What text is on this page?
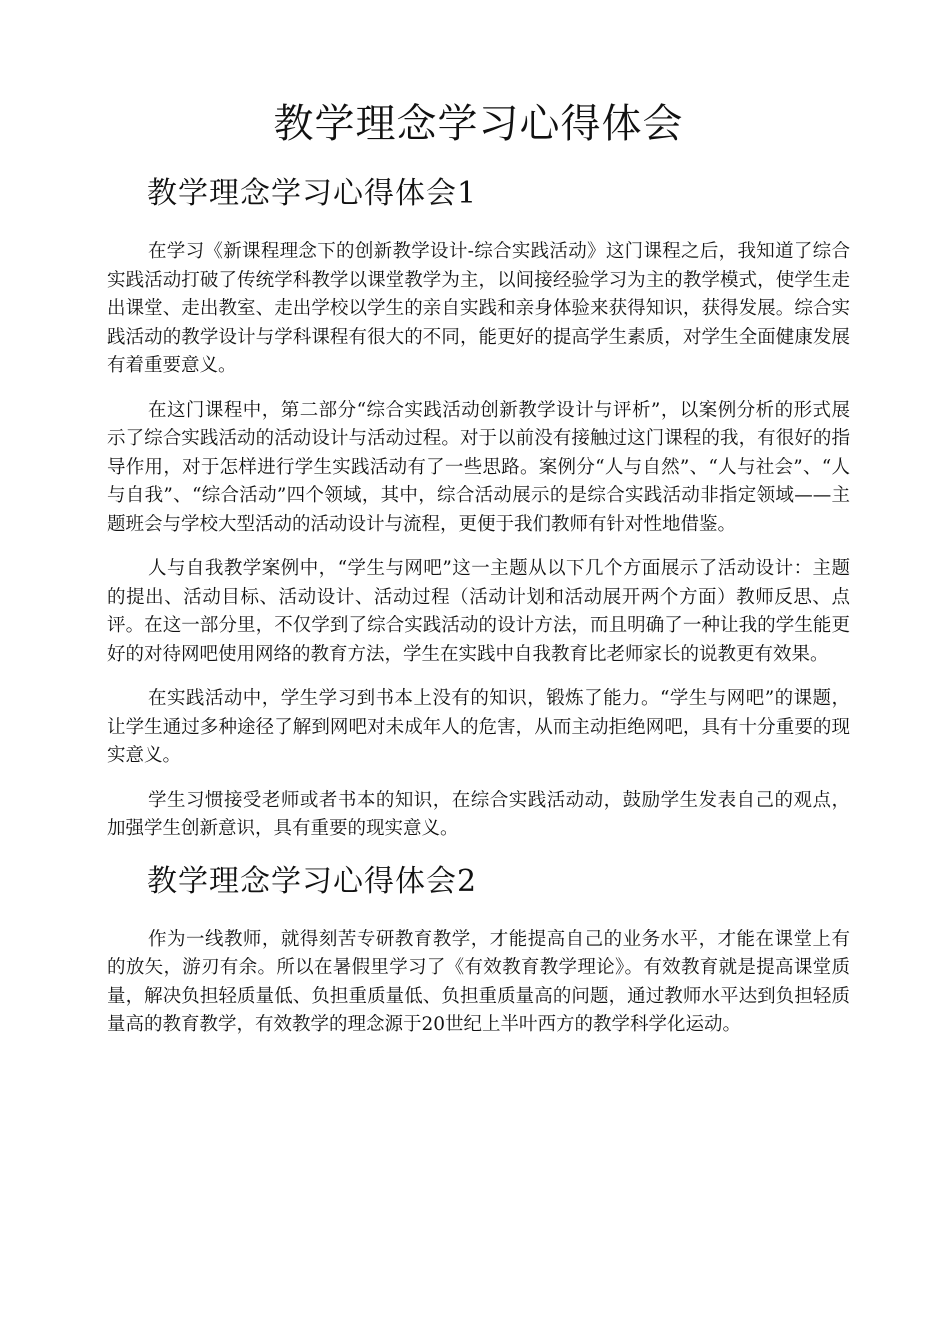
教学理念学习心得体会
教学理念学习心得体会1

在学习《新课程理念下的创新教学设计-综合实践活动》这门课程之后，我知道了综合实践活动打破了传统学科教学以课堂教学为主，以间接经验学习为主的教学模式，使学生走出课堂、走出教室、走出学校以学生的亲自实践和亲身体验来获得知识，获得发展。综合实践活动的教学设计与学科课程有很大的不同，能更好的提高学生素质，对学生全面健康发展有着重要意义。

在这门课程中，第二部分“综合实践活动创新教学设计与评析”，以案例分析的形式展示了综合实践活动的活动设计与活动过程。对于以前没有接触过这门课程的我，有很好的指导作用，对于怎样进行学生实践活动有了一些思路。案例分“人与自然”、“人与社会”、“人与自我”、“综合活动”四个领域，其中，综合活动展示的是综合实践活动非指定领域——主题班会与学校大型活动的活动设计与流程，更便于我们教师有针对性地借鉴。

人与自我教学案例中，“学生与网吧”这一主题从以下几个方面展示了活动设计：主题的提出、活动目标、活动设计、活动过程（活动计划和活动展开两个方面）教师反思、点评。在这一部分里，不仅学到了综合实践活动的设计方法，而且明确了一种让我的学生能更好的对待网吧使用网络的教育方法，学生在实践中自我教育比老师家长的说教更有效果。

在实践活动中，学生学习到书本上没有的知识，锻炼了能力。“学生与网吧”的课题，让学生通过多种途径了解到网吧对未成年人的危害，从而主动拒绝网吧，具有十分重要的现实意义。

学生习惯接受老师或者书本的知识，在综合实践活动动，鼓励学生发表自己的观点，加强学生创新意识，具有重要的现实意义。

教学理念学习心得体会2

作为一线教师，就得刻苦专研教育教学，才能提高自己的业务水平，才能在课堂上有的放矢，游刃有余。所以在暑假里学习了《有效教育教学理论》。有效教育就是提高课堂质量，解决负担轻质量低、负担重质量低、负担重质量高的问题，通过教师水平达到负担轻质量高的教育教学，有效教学的理念源于20世纪上半叶西方的教学科学化运动。
